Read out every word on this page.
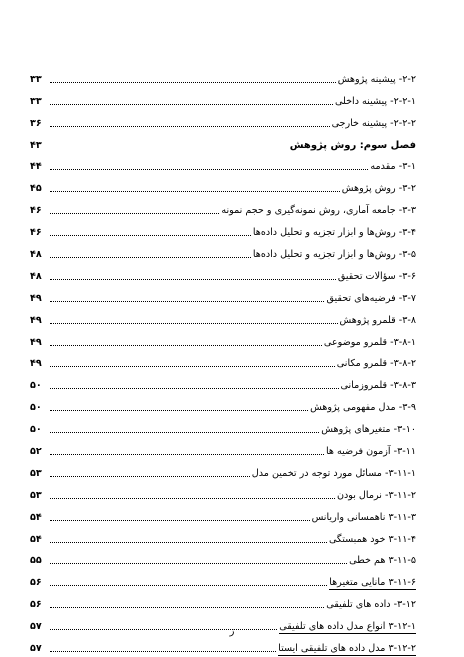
۲-۲- پیشینه پژوهش
۳۳
۲-۲-۱- پیشینه داخلی
۳۳
۲-۲-۲- پیشینه خارجی
۳۶
فصل سوم: روش پژوهش
۴۳
۳-۱- مقدمه
۴۴
۳-۲- روش پژوهش
۴۵
۳-۳- جامعه آماری، روش نمونه‌گیری و حجم نمونه
۴۶
۳-۴- روش‌ها و ابزار تجزیه و تحلیل داده‌ها
۴۶
۳-۵- روش‌ها و ابزار تجزیه و تحلیل داده‌ها
۴۸
۳-۶- سؤالات تحقیق
۴۸
۳-۷- فرضیه‌های تحقیق
۴۹
۳-۸- قلمرو پژوهش
۴۹
۳-۸-۱- قلمرو موضوعی
۴۹
۳-۸-۲- قلمرو مکانی
۴۹
۳-۸-۳- قلمروزمانی
۵۰
۳-۹- مدل مفهومی پژوهش
۵۰
۳-۱۰- متغیرهای پژوهش
۵۰
۳-۱۱- آزمون فرضیه ها
۵۲
۳-۱۱-۱- مسائل مورد توجه در تخمین مدل
۵۳
۳-۱۱-۲- نرمال بودن
۵۳
۳-۱۱-۳ ناهمسانی واریانس
۵۴
۳-۱۱-۴ خود همبستگی
۵۴
۳-۱۱-۵ هم خطی
۵۵
۳-۱۱-۶ مانایی متغیرها
۵۶
۳-۱۲- داده های تلفیقی
۵۶
۳-۱۲-۱ انواع مدل داده های تلفیقی
۵۷
۳-۱۲-۲ مدل داده های تلفیقی ایستا
۵۷
ز
